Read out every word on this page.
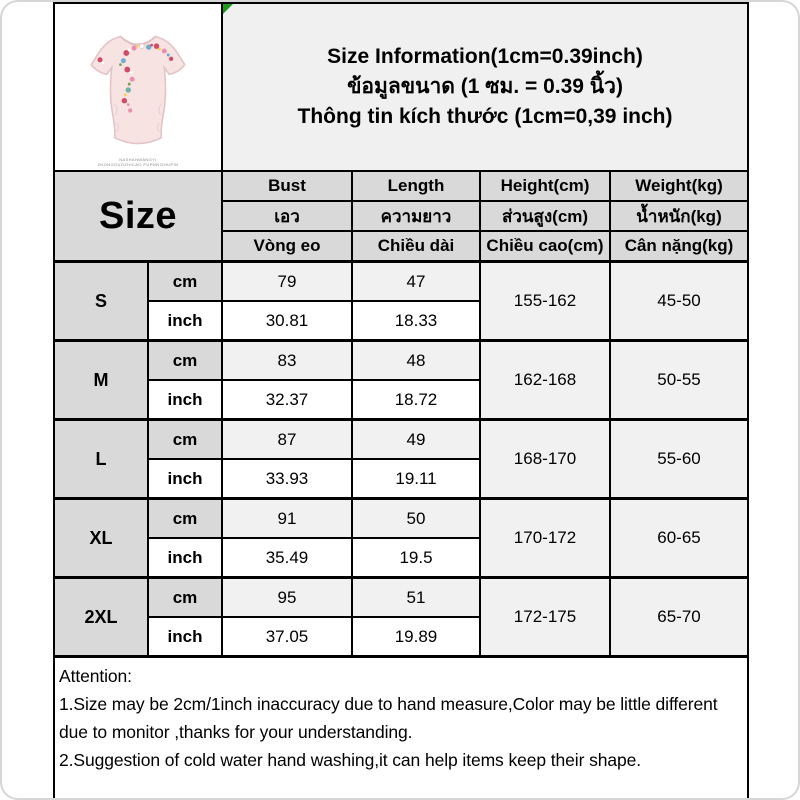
NASHANWANGYI
ZHONGGUOZHICAO PURNNIZHUPIN

Size Information(1cm=0.39inch)
ข้อมูลขนาด (1 ซม. = 0.39 นิ้ว)
Thông tin kích thước (1cm=0,39 inch)

Size		Bust	Length	Height(cm)	Weight(kg)
		เอว	ความยาว	ส่วนสูง(cm)	น้ำหนัก(kg)
		Vòng eo	Chiều dài	Chiều cao(cm)	Cân nặng(kg)
S	cm	79	47	155-162	45-50
	inch	30.81	18.33		
M	cm	83	48	162-168	50-55
	inch	32.37	18.72		
L	cm	87	49	168-170	55-60
	inch	33.93	19.11		
XL	cm	91	50	170-172	60-65
	inch	35.49	19.5		
2XL	cm	95	51	172-175	65-70
	inch	37.05	19.89		

Attention:
1.Size may be 2cm/1inch inaccuracy due to hand measure,Color may be little different due to monitor ,thanks for your understanding.
2.Suggestion of cold water hand washing,it can help items keep their shape.					
